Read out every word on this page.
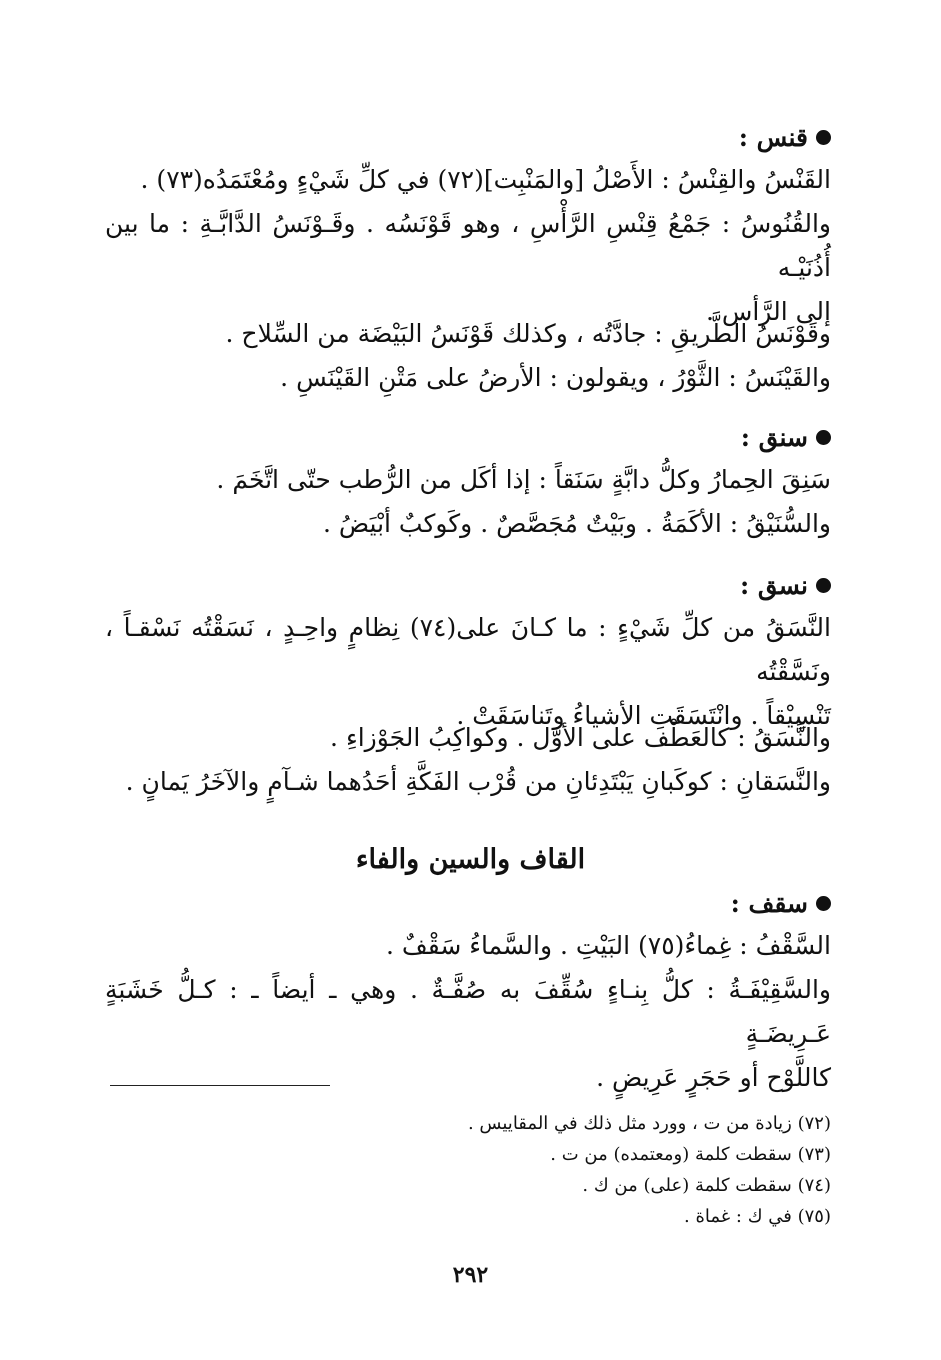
قنس :
القَنْسُ والقِنْسُ : الأَصْلُ [والمَنْبِت](٧٢) في كلِّ شَيْءٍ ومُعْتَمَدُه(٧٣) .
والقُنُوسُ : جَمْعُ قِنْسِ الرَّأْسِ ، وهو قَوْنَسُه . وقَـوْنَسُ الدَّابَّـةِ : ما بين أُذُنَيْـه
إلى الرَّأس .
وقَوْنَسُ الطَّريقِ : جادَّتُه ، وكذلك قَوْنَسُ البَيْضَة من السِّلاح .
والقَيْنَسُ : الثَّوْرُ ، ويقولون : الأرضُ على مَتْنِ القَيْنَسِ .
سنق :
سَنِقَ الحِمارُ وكلُّ دابَّةٍ سَنَقاً : إذا أكَل من الرُّطب حتّى اتَّخَمَ .
والسُّنَيْقُ : الأكَمَةُ . وبَيْتٌ مُجَصَّصٌ . وكَوكبٌ أبْيَضُ .
نسق :
النَّسَقُ من كلِّ شَيْءٍ : ما كـانَ على(٧٤) نِظامٍ واحِـدٍ ، نَسَقْتُه نَسْقـاً ، ونَسَّقْتُه
تَنْسِيْقاً . وانْتَسَقَتِ الأشياءُ وتَناسَقَتْ .
والنَّسَقُ : كالعَطْف على الأوَّل . وكواكِبُ الجَوْزاءِ .
والنَّسَقانِ : كوكَبانِ يَبْتَدِئانِ من قُرْب الفَكَّةِ أحَدُهما شـآمٍ والآخَرُ يَمانٍ .
القاف والسين والفاء
سقف :
السَّقْفُ : غِماءُ(٧٥) البَيْتِ . والسَّماءُ سَقْفٌ .
والسَّقِيْفَـةُ : كلُّ بِنـاءٍ سُقِّفَ به صُفَّـةٌ . وهي ـ أيضاً ـ : كـلُّ خَشَبَةٍ عَـرِيضَـةٍ
كاللَّوْح أو حَجَرٍ عَرِيضٍ .
(٧٢) زيادة من ت ، وورد مثل ذلك في المقاييس .
(٧٣) سقطت كلمة (ومعتمده) من ت .
(٧٤) سقطت كلمة (على) من ك .
(٧٥) في ك : غماة .
٢٩٢
